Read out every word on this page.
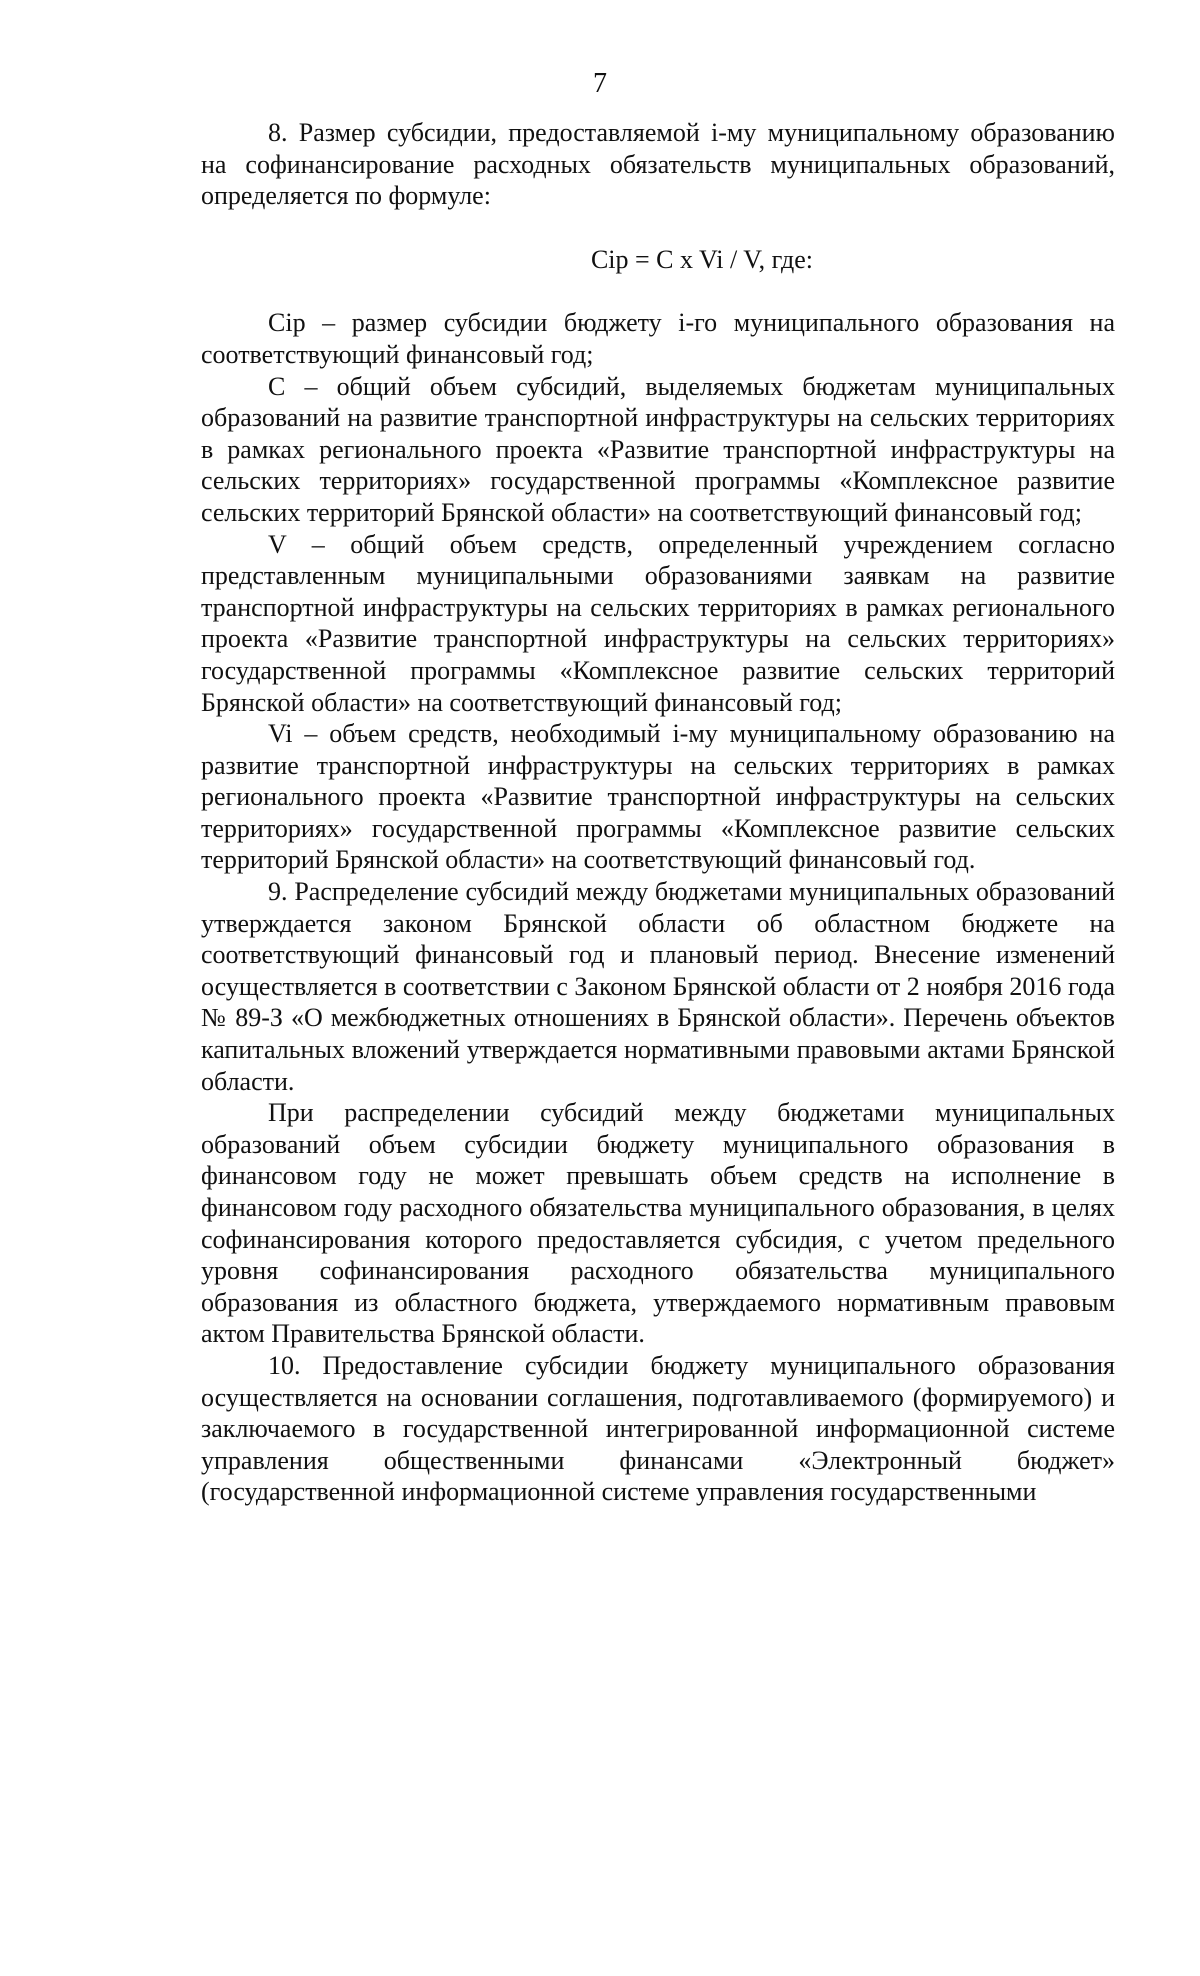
7

8. Размер субсидии, предоставляемой i-му муниципальному образованию на софинансирование расходных обязательств муниципальных образований, определяется по формуле:

Ciр = C x Vi / V, где:

Ciр – размер субсидии бюджету i-го муниципального образования на соответствующий финансовый год;

C – общий объем субсидий, выделяемых бюджетам муниципальных образований на развитие транспортной инфраструктуры на сельских территориях в рамках регионального проекта «Развитие транспортной инфраструктуры на сельских территориях» государственной программы «Комплексное развитие сельских территорий Брянской области» на соответствующий финансовый год;

V – общий объем средств, определенный учреждением согласно представленным муниципальными образованиями заявкам на развитие транспортной инфраструктуры на сельских территориях в рамках регионального проекта «Развитие транспортной инфраструктуры на сельских территориях» государственной программы «Комплексное развитие сельских территорий Брянской области» на соответствующий финансовый год;

Vi – объем средств, необходимый i-му муниципальному образованию на развитие транспортной инфраструктуры на сельских территориях в рамках регионального проекта «Развитие транспортной инфраструктуры на сельских территориях» государственной программы «Комплексное развитие сельских территорий Брянской области» на соответствующий финансовый год.

9. Распределение субсидий между бюджетами муниципальных образований утверждается законом Брянской области об областном бюджете на соответствующий финансовый год и плановый период. Внесение изменений осуществляется в соответствии с Законом Брянской области от 2 ноября 2016 года № 89-З «О межбюджетных отношениях в Брянской области». Перечень объектов капитальных вложений утверждается нормативными правовыми актами Брянской области.

При распределении субсидий между бюджетами муниципальных образований объем субсидии бюджету муниципального образования в финансовом году не может превышать объем средств на исполнение в финансовом году расходного обязательства муниципального образования, в целях софинансирования которого предоставляется субсидия, с учетом предельного уровня софинансирования расходного обязательства муниципального образования из областного бюджета, утверждаемого нормативным правовым актом Правительства Брянской области.

10. Предоставление субсидии бюджету муниципального образования осуществляется на основании соглашения, подготавливаемого (формируемого) и заключаемого в государственной интегрированной информационной системе управления общественными финансами «Электронный бюджет» (государственной информационной системе управления государственными
